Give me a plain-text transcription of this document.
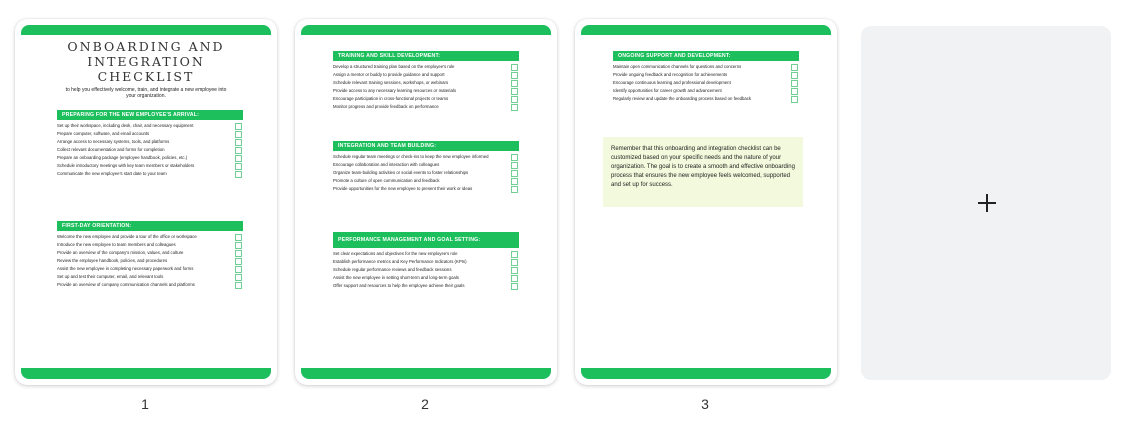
ONBOARDING AND
INTEGRATION
CHECKLIST
to help you effectively welcome, train, and integrate a new employee into your organization.
PREPARING FOR THE NEW EMPLOYEE'S ARRIVAL:
Set up their workspace, including desk, chair, and necessary equipment
Prepare computer, software, and email accounts
Arrange access to necessary systems, tools, and platforms
Collect relevant documentation and forms for completion
Prepare an onboarding package (employee handbook, policies, etc.)
Schedule introductory meetings with key team members or stakeholders
Communicate the new employee's start date to your team
FIRST-DAY ORIENTATION:
Welcome the new employee and provide a tour of the office or workspace
Introduce the new employee to team members and colleagues
Provide an overview of the company's mission, values, and culture
Review the employee handbook, policies, and procedures
Assist the new employee in completing necessary paperwork and forms
Set up and test their computer, email, and relevant tools
Provide an overview of company communication channels and platforms
1
TRAINING AND SKILL DEVELOPMENT:
Develop a structured training plan based on the employee's role
Assign a mentor or buddy to provide guidance and support
Schedule relevant training sessions, workshops, or webinars
Provide access to any necessary learning resources or materials
Encourage participation in cross-functional projects or teams
Monitor progress and provide feedback on performance
INTEGRATION AND TEAM BUILDING:
Schedule regular team meetings or check-ins to keep the new employee informed
Encourage collaboration and interaction with colleagues
Organize team-building activities or social events to foster relationships
Promote a culture of open communication and feedback
Provide opportunities for the new employee to present their work or ideas
PERFORMANCE MANAGEMENT AND GOAL SETTING:
Set clear expectations and objectives for the new employee's role
Establish performance metrics and Key Performance Indicators (KPIs)
Schedule regular performance reviews and feedback sessions
Assist the new employee in setting short-term and long-term goals
Offer support and resources to help the employee achieve their goals
2
ONGOING SUPPORT AND DEVELOPMENT:
Maintain open communication channels for questions and concerns
Provide ongoing feedback and recognition for achievements
Encourage continuous learning and professional development
Identify opportunities for career growth and advancement
Regularly review and update the onboarding process based on feedback
Remember that this onboarding and integration checklist can be customized based on your specific needs and the nature of your organization. The goal is to create a smooth and effective onboarding process that ensures the new employee feels welcomed, supported and set up for success.
3
